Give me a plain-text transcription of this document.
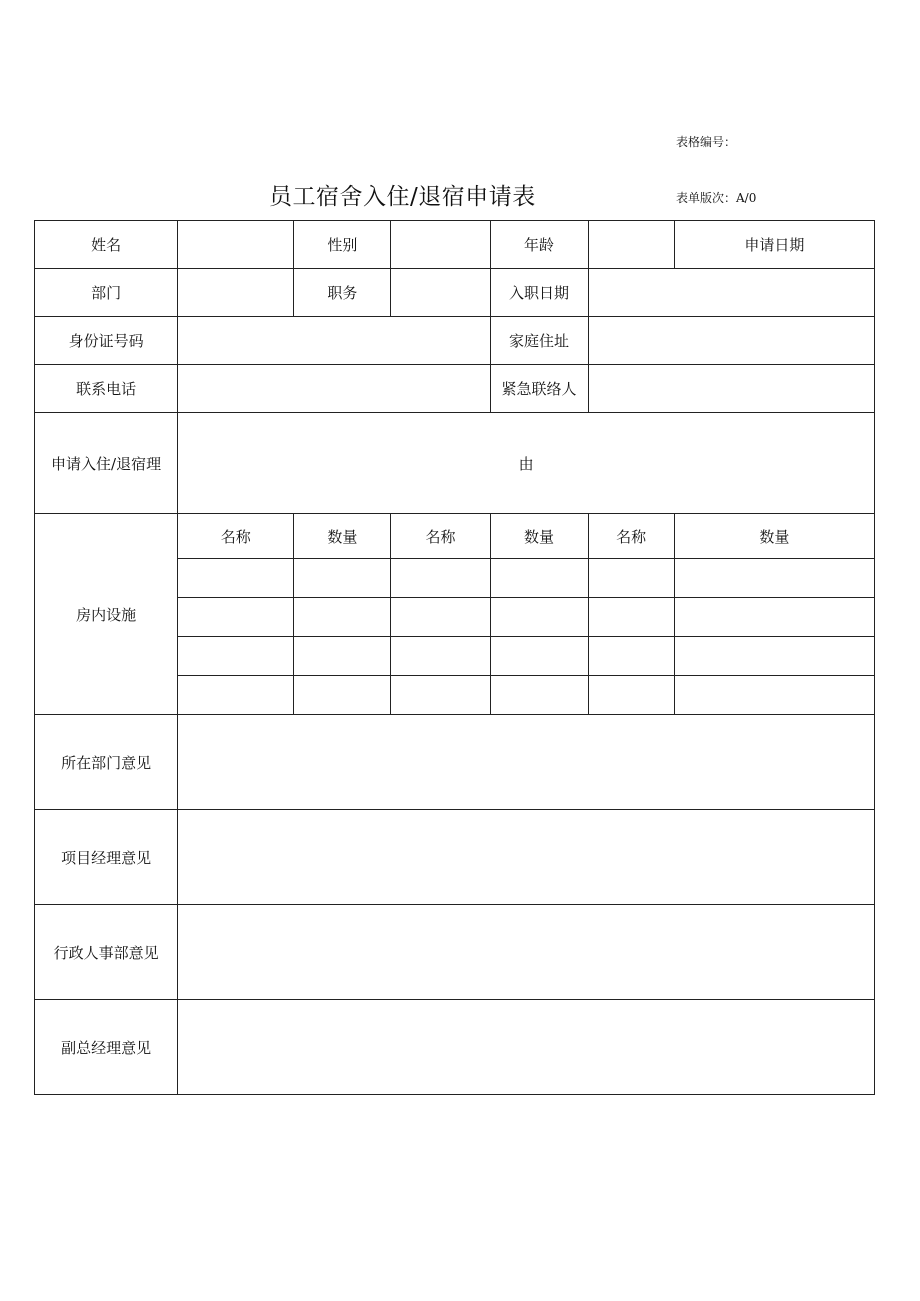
表格编号：
员工宿舍入住/退宿申请表	表单版次：A/0
姓名		性别		年龄		申请日期
部门		职务		入职日期		
身份证号码				家庭住址		
联系电话				紧急联络人		
申请入住/退宿理	由					
房内设施	名称	数量	名称	数量	名称	数量

所在部门意见						
项目经理意见						
行政人事部意见						
副总经理意见						
